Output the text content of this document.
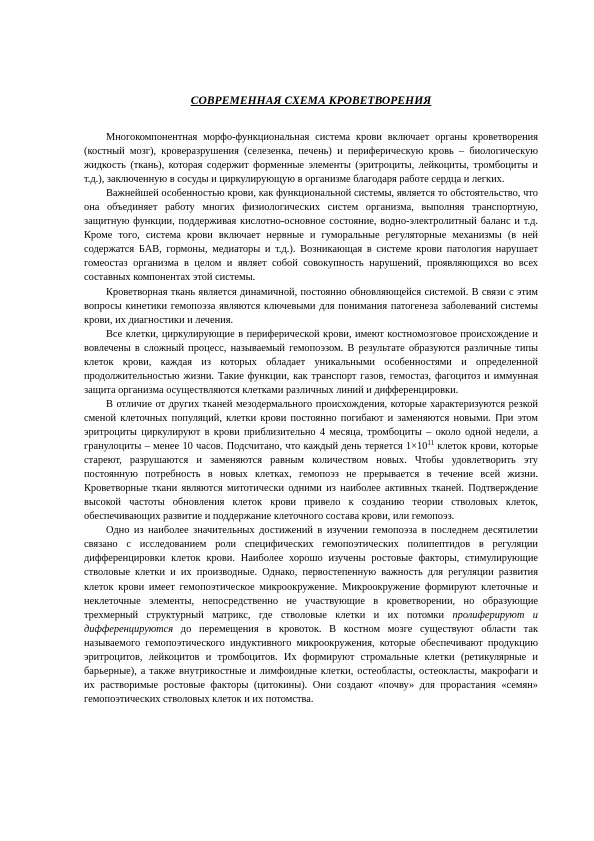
СОВРЕМЕННАЯ СХЕМА КРОВЕТВОРЕНИЯ

Многокомпонентная морфо-функциональная система крови включает органы кроветворения (костный мозг), кроверазрушения (селезенка, печень) и периферическую кровь – биологическую жидкость (ткань), которая содержит форменные элементы (эритроциты, лейкоциты, тромбоциты и т.д.), заключенную в сосуды и циркулирующую в организме благодаря работе сердца и легких.

Важнейшей особенностью крови, как функциональной системы, является то обстоятельство, что она объединяет работу многих физиологических систем организма, выполняя транспортную, защитную функции, поддерживая кислотно-основное состояние, водно-электролитный баланс и т.д. Кроме того, система крови включает нервные и гуморальные регуляторные механизмы (в ней содержатся БАВ, гормоны, медиаторы и т.д.). Возникающая в системе крови патология нарушает гомеостаз организма в целом и являет собой совокупность нарушений, проявляющихся во всех составных компонентах этой системы.

Кроветворная ткань является динамичной, постоянно обновляющейся системой. В связи с этим вопросы кинетики гемопоэза являются ключевыми для понимания патогенеза заболеваний системы крови, их диагностики и лечения.

Все клетки, циркулирующие в периферической крови, имеют костномозговое происхождение и вовлечены в сложный процесс, называемый гемопоэзом. В результате образуются различные типы клеток крови, каждая из которых обладает уникальными особенностями и определенной продолжительностью жизни. Такие функции, как транспорт газов, гемостаз, фагоцитоз и иммунная защита организма осуществляются клетками различных линий и дифференцировки.

В отличие от других тканей мезодермального происхождения, которые характеризуются резкой сменой клеточных популяций, клетки крови постоянно погибают и заменяются новыми. При этом эритроциты циркулируют в крови приблизительно 4 месяца, тромбоциты – около одной недели, а гранулоциты – менее 10 часов. Подсчитано, что каждый день теряется $1\times 10^{11}$ клеток крови, которые стареют, разрушаются и заменяются равным количеством новых. Чтобы удовлетворить эту постоянную потребность в новых клетках, гемопоэз не прерывается в течение всей жизни. Кроветворные ткани являются митотически одними из наиболее активных тканей. Подтверждение высокой частоты обновления клеток крови привело к созданию теории стволовых клеток, обеспечивающих развитие и поддержание клеточного состава крови, или гемопоэз.

Одно из наиболее значительных достижений в изучении гемопоэза в последнем десятилетии связано с исследованием роли специфических гемопоэтических полипептидов в регуляции дифференцировки клеток крови. Наиболее хорошо изучены ростовые факторы, стимулирующие стволовые клетки и их производные. Однако, первостепенную важность для регуляции развития клеток крови имеет гемопоэтическое микроокружение. Микроокружение формируют клеточные и неклеточные элементы, непосредственно не участвующие в кроветворении, но образующие трехмерный структурный матрикс, где стволовые клетки и их потомки пролиферируют и дифференцируются до перемещения в кровоток. В костном мозге существуют области так называемого гемопоэтического индуктивного микроокружения, которые обеспечивают продукцию эритроцитов, лейкоцитов и тромбоцитов. Их формируют стромальные клетки (ретикулярные и барьерные), а также внутрикостные и лимфоидные клетки, остеобласты, остеокласты, макрофаги и их растворимые ростовые факторы (цитокины). Они создают «почву» для прорастания «семян» гемопоэтических стволовых клеток и их потомства.
